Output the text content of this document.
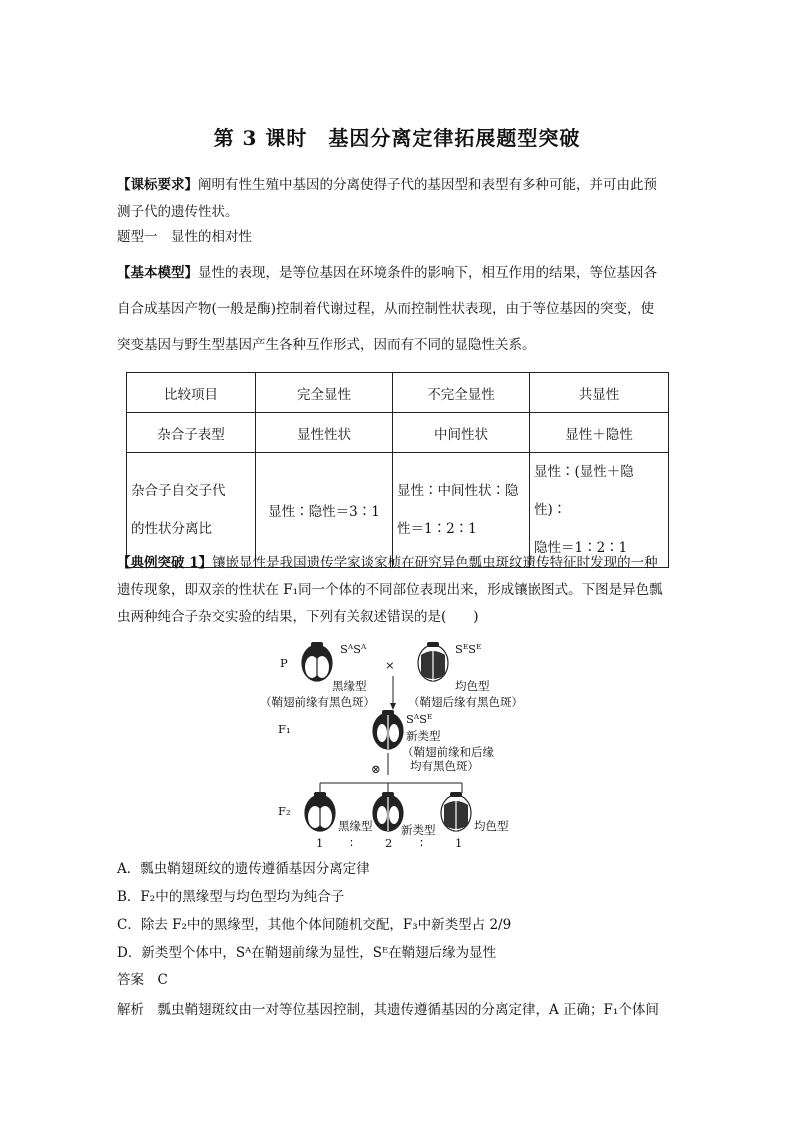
第 3 课时　基因分离定律拓展题型突破
【课标要求】阐明有性生殖中基因的分离使得子代的基因型和表型有多种可能，并可由此预
测子代的遗传性状。
题型一　显性的相对性
【基本模型】显性的表现，是等位基因在环境条件的影响下，相互作用的结果，等位基因各
自合成基因产物(一般是酶)控制着代谢过程，从而控制性状表现，由于等位基因的突变，使
突变基因与野生型基因产生各种互作形式，因而有不同的显隐性关系。
比较项目	完全显性	不完全显性	共显性
杂合子表型	显性性状	中间性状	显性＋隐性
杂合子自交子代
的性状分离比	显性∶隐性＝3∶1	显性∶中间性状∶隐
性＝1∶2∶1	显性∶(显性＋隐性)∶
隐性＝1∶2∶1
【典例突破 1】镶嵌显性是我国遗传学家谈家桢在研究异色瓢虫斑纹遗传特征时发现的一种
遗传现象，即双亲的性状在 F₁同一个体的不同部位表现出来，形成镶嵌图式。下图是异色瓢
虫两种纯合子杂交实验的结果，下列有关叙述错误的是(　　)
P
SᴬSᴬ
×
SᴱSᴱ
黑缘型
（鞘翅前缘有黑色斑）
均色型
（鞘翅后缘有黑色斑）
F₁
SᴬSᴱ
新类型
（鞘翅前缘和后缘
均有黑色斑）
⊗
F₂
黑缘型 新类型	均色型
1 ∶	2 ∶	1
A．瓢虫鞘翅斑纹的遗传遵循基因分离定律
B．F₂中的黑缘型与均色型均为纯合子
C．除去 F₂中的黑缘型，其他个体间随机交配，F₃中新类型占 2/9
D．新类型个体中，Sᴬ在鞘翅前缘为显性，Sᴱ在鞘翅后缘为显性
答案　C
解析　瓢虫鞘翅斑纹由一对等位基因控制，其遗传遵循基因的分离定律，A 正确；F₁个体间
